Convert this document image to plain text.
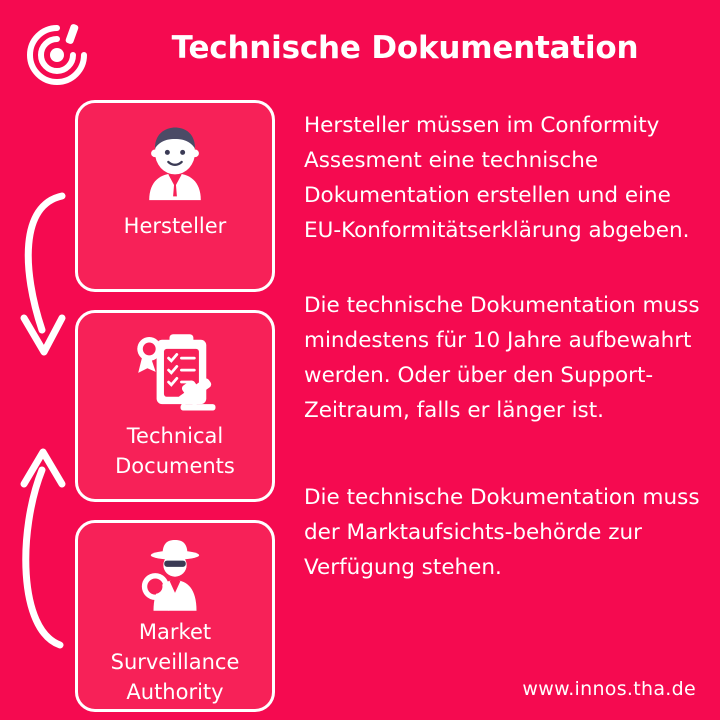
Technische Dokumentation
Hersteller
Technical
Documents
Market
Surveillance
Authority
Hersteller müssen im Conformity Assesment eine technische Dokumentation erstellen und eine EU-Konformitätserklärung abgeben.
Die technische Dokumentation muss mindestens für 10 Jahre aufbewahrt werden. Oder über den Support-Zeitraum, falls er länger ist.
Die technische Dokumentation muss der Marktaufsichts-behörde zur Verfügung stehen.
www.innos.tha.de
